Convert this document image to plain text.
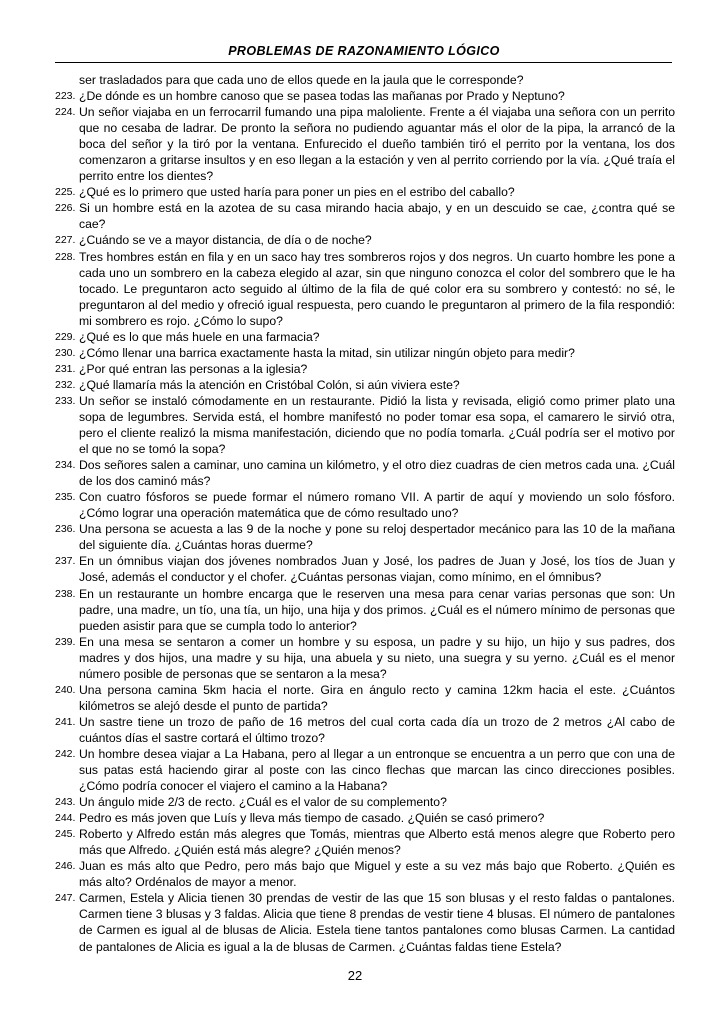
PROBLEMAS DE RAZONAMIENTO LÓGICO
ser trasladados para que cada uno de ellos quede en la jaula que le corresponde?
223. ¿De dónde es un hombre canoso que se pasea todas las mañanas por Prado y Neptuno?
224. Un señor viajaba en un ferrocarril fumando una pipa maloliente. Frente a él viajaba una señora con un perrito que no cesaba de ladrar. De pronto la señora no pudiendo aguantar más el olor de la pipa, la arrancó de la boca del señor y la tiró por la ventana. Enfurecido el dueño también tiró el perrito por la ventana, los dos comenzaron a gritarse insultos y en eso llegan a la estación y ven al perrito corriendo por la vía. ¿Qué traía el perrito entre los dientes?
225. ¿Qué es lo primero que usted haría para poner un pies en el estribo del caballo?
226. Si un hombre está en la azotea de su casa mirando hacia abajo, y en un descuido se cae, ¿contra qué se cae?
227. ¿Cuándo se ve a mayor distancia, de día o de noche?
228. Tres hombres están en fila y en un saco hay tres sombreros rojos y dos negros. Un cuarto hombre les pone a cada uno un sombrero en la cabeza elegido al azar, sin que ninguno conozca el color del sombrero que le ha tocado. Le preguntaron acto seguido al último de la fila de qué color era su sombrero y contestó: no sé, le preguntaron al del medio y ofreció igual respuesta, pero cuando le preguntaron al primero de la fila respondió: mi sombrero es rojo. ¿Cómo lo supo?
229. ¿Qué es lo que más huele en una farmacia?
230. ¿Cómo llenar una barrica exactamente hasta la mitad, sin utilizar ningún objeto para medir?
231. ¿Por qué entran las personas a la iglesia?
232. ¿Qué llamaría más la atención en Cristóbal Colón, si aún viviera este?
233. Un señor se instaló cómodamente en un restaurante. Pidió la lista y revisada, eligió como primer plato una sopa de legumbres. Servida está, el hombre manifestó no poder tomar esa sopa, el camarero le sirvió otra, pero el cliente realizó la misma manifestación, diciendo que no podía tomarla. ¿Cuál podría ser el motivo por el que no se tomó la sopa?
234. Dos señores salen a caminar, uno camina un kilómetro, y el otro diez cuadras de cien metros cada una. ¿Cuál de los dos caminó más?
235. Con cuatro fósforos se puede formar el número romano VII. A partir de aquí y moviendo un solo fósforo. ¿Cómo lograr una operación matemática que de cómo resultado uno?
236. Una persona se acuesta a las 9 de la noche y pone su reloj despertador mecánico para las 10 de la mañana del siguiente día. ¿Cuántas horas duerme?
237. En un ómnibus viajan dos jóvenes nombrados Juan y José, los padres de Juan y José, los tíos de Juan y José, además el conductor y el chofer. ¿Cuántas personas viajan, como mínimo, en el ómnibus?
238. En un restaurante un hombre encarga que le reserven una mesa para cenar varias personas que son: Un padre, una madre, un tío, una tía, un hijo, una hija y dos primos. ¿Cuál es el número mínimo de personas que pueden asistir para que se cumpla todo lo anterior?
239. En una mesa se sentaron a comer un hombre y su esposa, un padre y su hijo, un hijo y sus padres, dos madres y dos hijos, una madre y su hija, una abuela y su nieto, una suegra y su yerno. ¿Cuál es el menor número posible de personas que se sentaron a la mesa?
240. Una persona camina 5km hacia el norte. Gira en ángulo recto y camina 12km hacia el este. ¿Cuántos kilómetros se alejó desde el punto de partida?
241. Un sastre tiene un trozo de paño de 16 metros del cual corta cada día un trozo de 2 metros ¿Al cabo de cuántos días el sastre cortará el último trozo?
242. Un hombre desea viajar a La Habana, pero al llegar a un entronque se encuentra a un perro que con una de sus patas está haciendo girar al poste con las cinco flechas que marcan las cinco direcciones posibles. ¿Cómo podría conocer el viajero el camino a la Habana?
243. Un ángulo mide 2/3 de recto. ¿Cuál es el valor de su complemento?
244. Pedro es más joven que Luís y lleva más tiempo de casado. ¿Quién se casó primero?
245. Roberto y Alfredo están más alegres que Tomás, mientras que Alberto está menos alegre que Roberto pero más que Alfredo. ¿Quién está más alegre? ¿Quién menos?
246. Juan es más alto que Pedro, pero más bajo que Miguel y este a su vez más bajo que Roberto. ¿Quién es más alto? Ordénalos de mayor a menor.
247. Carmen, Estela y Alicia tienen 30 prendas de vestir de las que 15 son blusas y el resto faldas o pantalones. Carmen tiene 3 blusas y 3 faldas. Alicia que tiene 8 prendas de vestir tiene 4 blusas. El número de pantalones de Carmen es igual al de blusas de Alicia. Estela tiene tantos pantalones como blusas Carmen. La cantidad de pantalones de Alicia es igual a la de blusas de Carmen. ¿Cuántas faldas tiene Estela?
22
